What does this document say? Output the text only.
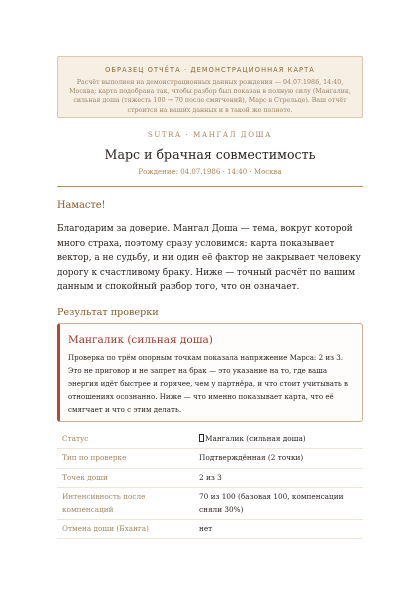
ОБРАЗЕЦ ОТЧЁТА · ДЕМОНСТРАЦИОННАЯ КАРТА
Расчёт выполнен на демонстрационных данных рождения — 04.07.1986, 14:40, Москва; карта подобрана так, чтобы разбор был показан в полную силу (Мангалик, сильная доша (тяжесть 100 → 70 после смягчений), Марс в Стрельце). Ваш отчёт строится на ваших данных и в такой же полноте.
SUTRA · МАНГАЛ ДОША
Марс и брачная совместимость
Рождение: 04.07.1986 · 14:40 · Москва
Намасте!
Благодарим за доверие. Мангал Доша — тема, вокруг которой много страха, поэтому сразу условимся: карта показывает вектор, а не судьбу, и ни один её фактор не закрывает человеку дорогу к счастливому браку. Ниже — точный расчёт по вашим данным и спокойный разбор того, что он означает.
Результат проверки
Мангалик (сильная доша)
Проверка по трём опорным точкам показала напряжение Марса: 2 из 3. Это не приговор и не запрет на брак — это указание на то, где ваша энергия идёт быстрее и горячее, чем у партнёра, и что стоит учитывать в отношениях осознанно. Ниже — что именно показывает карта, что её смягчает и что с этим делать.
Статус	Мангалик (сильная доша)
Тип по проверке	Подтверждённая (2 точки)
Точек доши	2 из 3
Интенсивность после компенсаций	70 из 100 (базовая 100, компенсации сняли 30%)
Отмена доши (Бханга)	нет
